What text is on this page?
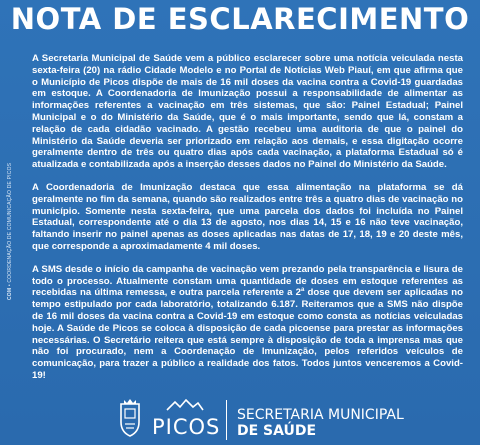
NOTA DE ESCLARECIMENTO
COM • COORDENAÇÃO DE COMUNICAÇÃO DE PICOS

A Secretaria Municipal de Saúde vem a público esclarecer sobre uma notícia veiculada nesta sexta-feira (20) na rádio Cidade Modelo e no Portal de Notícias Web Piauí, em que afirma que o Município de Picos dispõe de mais de 16 mil doses da vacina contra a Covid-19 guardadas em estoque. A Coordenadoria de Imunização possui a responsabilidade de alimentar as informações referentes a vacinação em três sistemas, que são: Painel Estadual; Painel Municipal e o do Ministério da Saúde, que é o mais importante, sendo que lá, constam a relação de cada cidadão vacinado. A gestão recebeu uma auditoria de que o painel do Ministério da Saúde deveria ser priorizado em relação aos demais, e essa digitação ocorre geralmente dentro de três ou quatro dias após cada vacinação, a plataforma Estadual só é atualizada e contabilizada após a inserção desses dados no Painel do Ministério da Saúde.

A Coordenadoria de Imunização destaca que essa alimentação na plataforma se dá geralmente no fim da semana, quando são realizados entre três a quatro dias de vacinação no município. Somente nesta sexta-feira, que uma parcela dos dados foi incluída no Painel Estadual, correspondente até o dia 13 de agosto, nos dias 14, 15 e 16 não teve vacinação, faltando inserir no painel apenas as doses aplicadas nas datas de 17, 18, 19 e 20 deste mês, que corresponde a aproximadamente 4 mil doses.

A SMS desde o início da campanha de vacinação vem prezando pela transparência e lisura de todo o processo. Atualmente constam uma quantidade de doses em estoque referentes as recebidas na última remessa, e outra parcela referente a 2$^a$ dose que devem ser aplicadas no tempo estipulado por cada laboratório, totalizando 6.187. Reiteramos que a SMS não dispõe de 16 mil doses da vacina contra a Covid-19 em estoque como consta as notícias veiculadas hoje. A Saúde de Picos se coloca à disposição de cada picoense para prestar as informações necessárias. O Secretário reitera que está sempre à disposição de toda a imprensa mas que não foi procurado, nem a Coordenação de Imunização, pelos referidos veículos de comunicação, para trazer a público a realidade dos fatos. Todos juntos venceremos a Covid-19!

PICOS SECRETARIA MUNICIPAL
DE SAÚDE
